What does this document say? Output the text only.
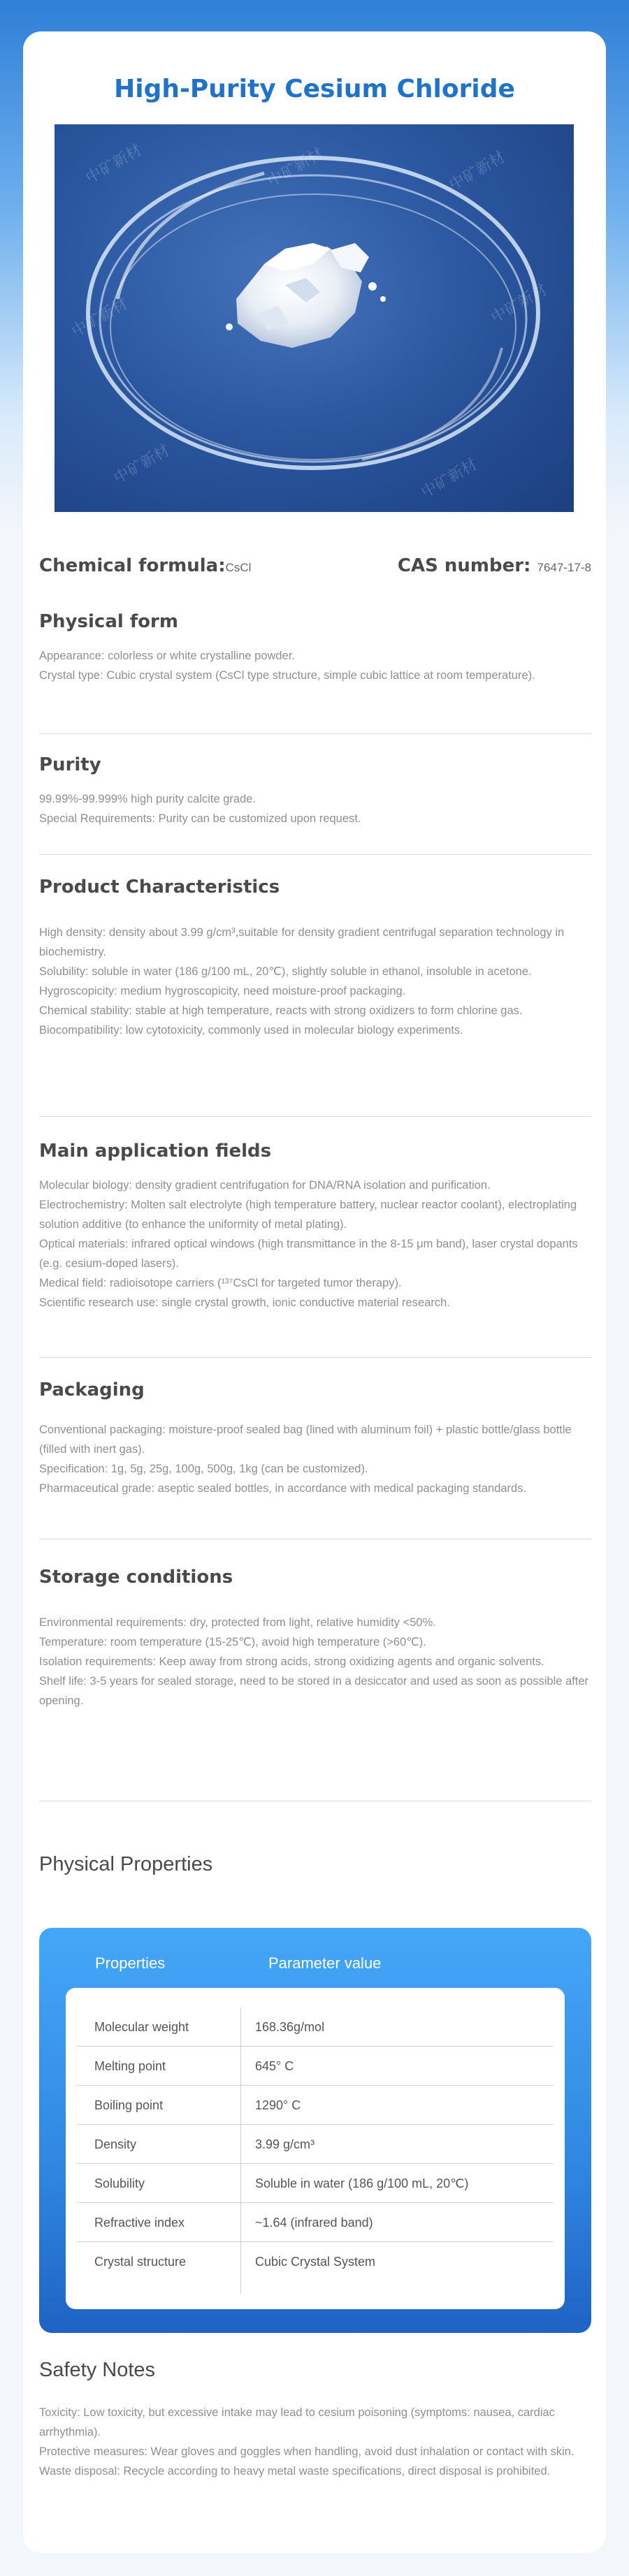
High-Purity Cesium Chloride
中矿新材	中矿新材	中矿新材
中矿新材	中矿新材
中矿新材	中矿新材
Chemical formula:CsCl	CAS number: 7647-17-8
Physical form

Appearance: colorless or white crystalline powder.
Crystal type: Cubic crystal system (CsCl type structure, simple cubic lattice at room temperature).

Purity

99.99%-99.999% high purity calcite grade.
Special Requirements: Purity can be customized upon request.

Product Characteristics

High density: density about 3.99 g/cm³,suitable for density gradient centrifugal separation technology in biochemistry.
Solubility: soluble in water (186 g/100 mL, 20℃), slightly soluble in ethanol, insoluble in acetone.
Hygroscopicity: medium hygroscopicity, need moisture-proof packaging.
Chemical stability: stable at high temperature, reacts with strong oxidizers to form chlorine gas.
Biocompatibility: low cytotoxicity, commonly used in molecular biology experiments.

Main application fields

Molecular biology: density gradient centrifugation for DNA/RNA isolation and purification.
Electrochemistry: Molten salt electrolyte (high temperature battery, nuclear reactor coolant), electroplating solution additive (to enhance the uniformity of metal plating).
Optical materials: infrared optical windows (high transmittance in the 8-15 μm band), laser crystal dopants (e.g. cesium-doped lasers).
Medical field: radioisotope carriers (¹³⁷CsCl for targeted tumor therapy).
Scientific research use: single crystal growth, ionic conductive material research.

Packaging

Conventional packaging: moisture-proof sealed bag (lined with aluminum foil) + plastic bottle/glass bottle (filled with inert gas).
Specification: 1g, 5g, 25g, 100g, 500g, 1kg (can be customized).
Pharmaceutical grade: aseptic sealed bottles, in accordance with medical packaging standards.

Storage conditions

Environmental requirements: dry, protected from light, relative humidity <50%.
Temperature: room temperature (15-25℃), avoid high temperature (>60℃).
Isolation requirements: Keep away from strong acids, strong oxidizing agents and organic solvents.
Shelf life: 3-5 years for sealed storage, need to be stored in a desiccator and used as soon as possible after opening.

Physical Properties
Properties	Parameter value
Molecular weight	168.36g/mol
Melting point	645° C
Boiling point	1290° C
Density	3.99 g/cm³
Solubility	Soluble in water (186 g/100 mL, 20℃)
Refractive index	~1.64 (infrared band)
Crystal structure	Cubic Crystal System
Safety Notes

Toxicity: Low toxicity, but excessive intake may lead to cesium poisoning (symptoms: nausea, cardiac arrhythmia).
Protective measures: Wear gloves and goggles when handling, avoid dust inhalation or contact with skin.
Waste disposal: Recycle according to heavy metal waste specifications, direct disposal is prohibited.
